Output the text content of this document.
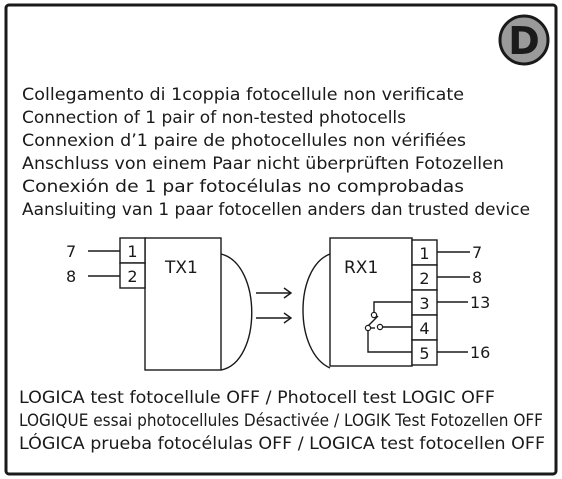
D
Collegamento di 1coppia fotocellule non verificate
Connection of 1 pair of non-tested photocells
Connexion d’1 paire de photocellules non vérifiées
Anschluss von einem Paar nicht überprüften Fotozellen
Conexión de 1 par fotocélulas no comprobadas
Aansluiting van 1 paar fotocellen anders dan trusted device
TX1
1
2
7
8	RX1
1
2
3
4
5
7
8
13
16
LOGICA test fotocellule OFF / Photocell test LOGIC OFF
LOGIQUE essai photocellules Désactivée / LOGIK Test Fotozellen OFF
LÓGICA prueba fotocélulas OFF / LOGICA test fotocellen OFF
